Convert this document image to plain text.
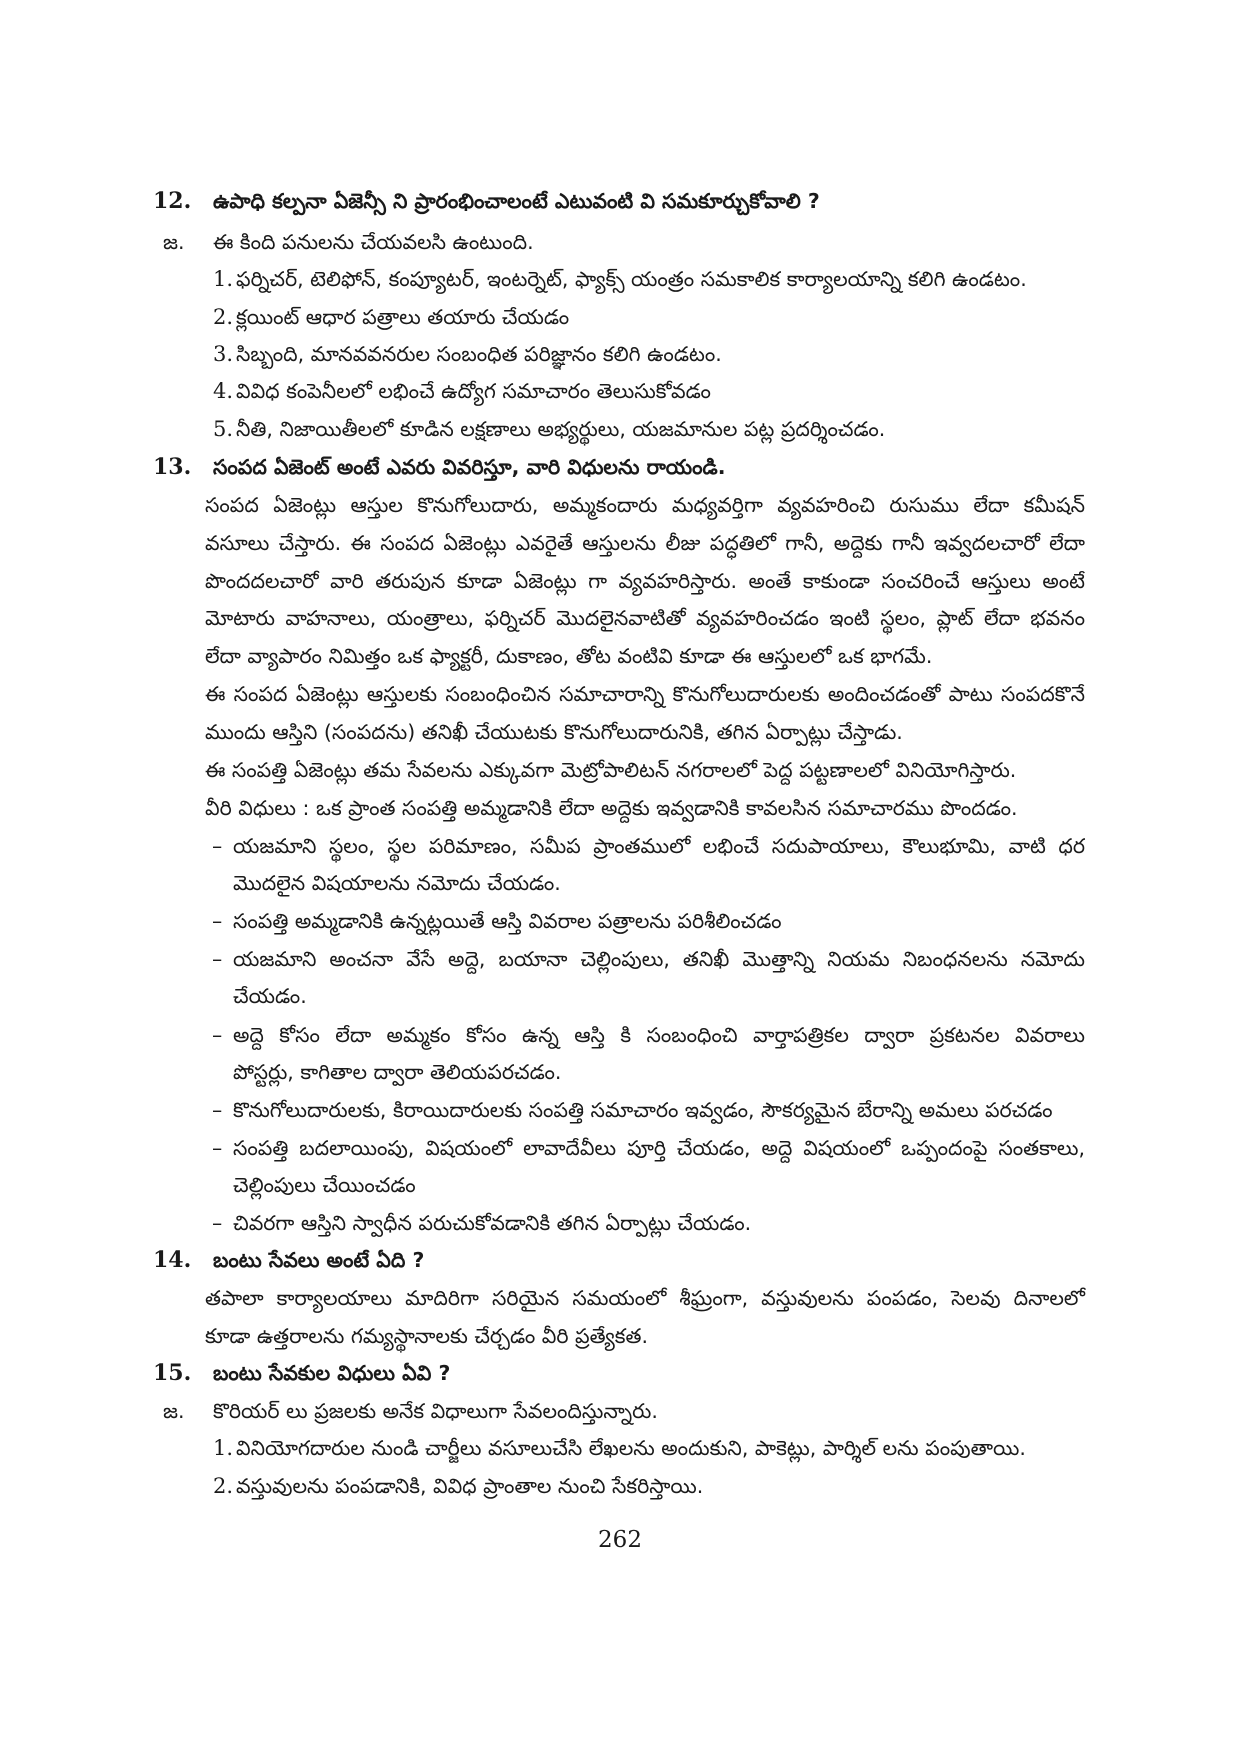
12. ఉపాధి కల్పనా ఏజెన్సీ ని ప్రారంభించాలంటే ఎటువంటి వి సమకూర్చుకోవాలి ?
జ. ఈ కింది పనులను చేయవలసి ఉంటుంది.
1. ఫర్నిచర్, టెలిఫోన్, కంప్యూటర్, ఇంటర్నెట్, ఫ్యాక్స్ యంత్రం సమకాలిక కార్యాలయాన్ని కలిగి ఉండటం.
2. క్లయింట్ ఆధార పత్రాలు తయారు చేయడం
3. సిబ్బంది, మానవవనరుల సంబంధిత పరిజ్ఞానం కలిగి ఉండటం.
4. వివిధ కంపెనీలలో లభించే ఉద్యోగ సమాచారం తెలుసుకోవడం
5. నీతి, నిజాయితీలలో కూడిన లక్షణాలు అభ్యర్థులు, యజమానుల పట్ల ప్రదర్శించడం.
13. సంపద ఏజెంట్ అంటే ఎవరు వివరిస్తూ, వారి విధులను రాయండి.
సంపద ఏజెంట్లు ఆస్తుల కొనుగోలుదారు, అమ్మకందారు మధ్యవర్తిగా వ్యవహరించి రుసుము లేదా కమీషన్
వసూలు చేస్తారు. ఈ సంపద ఏజెంట్లు ఎవరైతే ఆస్తులను లీజు పద్ధతిలో గానీ, అద్దెకు గానీ ఇవ్వదలచారో లేదా
పొందదలచారో వారి తరుపున కూడా ఏజెంట్లు గా వ్యవహరిస్తారు. అంతే కాకుండా సంచరించే ఆస్తులు అంటే
మోటారు వాహనాలు, యంత్రాలు, ఫర్నిచర్ మొదలైనవాటితో వ్యవహరించడం ఇంటి స్థలం, ప్లాట్ లేదా భవనం
లేదా వ్యాపారం నిమిత్తం ఒక ఫ్యాక్టరీ, దుకాణం, తోట వంటివి కూడా ఈ ఆస్తులలో ఒక భాగమే.
ఈ సంపద ఏజెంట్లు ఆస్తులకు సంబంధించిన సమాచారాన్ని కొనుగోలుదారులకు అందించడంతో పాటు సంపదకొనే
ముందు ఆస్తిని (సంపదను) తనిఖీ చేయుటకు కొనుగోలుదారునికి, తగిన ఏర్పాట్లు చేస్తాడు.
ఈ సంపత్తి ఏజెంట్లు తమ సేవలను ఎక్కువగా మెట్రోపాలిటన్ నగరాలలో పెద్ద పట్టణాలలో వినియోగిస్తారు.
వీరి విధులు : ఒక ప్రాంత సంపత్తి అమ్మడానికి లేదా అద్దెకు ఇవ్వడానికి కావలసిన సమాచారము పొందడం.
– యజమాని స్థలం, స్థల పరిమాణం, సమీప ప్రాంతములో లభించే సదుపాయాలు, కౌలుభూమి, వాటి ధర
మొదలైన విషయాలను నమోదు చేయడం.
– సంపత్తి అమ్మడానికి ఉన్నట్లయితే ఆస్తి వివరాల పత్రాలను పరిశీలించడం
– యజమాని అంచనా వేసే అద్దె, బయానా చెల్లింపులు, తనిఖీ మొత్తాన్ని నియమ నిబంధనలను నమోదు
చేయడం.
– అద్దె కోసం లేదా అమ్మకం కోసం ఉన్న ఆస్తి కి సంబంధించి వార్తాపత్రికల ద్వారా ప్రకటనల వివరాలు
పోస్టర్లు, కాగితాల ద్వారా తెలియపరచడం.
– కొనుగోలుదారులకు, కిరాయిదారులకు సంపత్తి సమాచారం ఇవ్వడం, సౌకర్యమైన బేరాన్ని అమలు పరచడం
– సంపత్తి బదలాయింపు, విషయంలో లావాదేవీలు పూర్తి చేయడం, అద్దె విషయంలో ఒప్పందంపై సంతకాలు,
చెల్లింపులు చేయించడం
– చివరగా ఆస్తిని స్వాధీన పరుచుకోవడానికి తగిన ఏర్పాట్లు చేయడం.
14. బంటు సేవలు అంటే ఏది ?
తపాలా కార్యాలయాలు మాదిరిగా సరియైన సమయంలో శీఘ్రంగా, వస్తువులను పంపడం, సెలవు దినాలలో
కూడా ఉత్తరాలను గమ్యస్థానాలకు చేర్చడం వీరి ప్రత్యేకత.
15. బంటు సేవకుల విధులు ఏవి ?
జ. కొరియర్ లు ప్రజలకు అనేక విధాలుగా సేవలందిస్తున్నారు.
1. వినియోగదారుల నుండి చార్జీలు వసూలుచేసి లేఖలను అందుకుని, పాకెట్లు, పార్శిల్ లను పంపుతాయి.
2. వస్తువులను పంపడానికి, వివిధ ప్రాంతాల నుంచి సేకరిస్తాయి.
262
